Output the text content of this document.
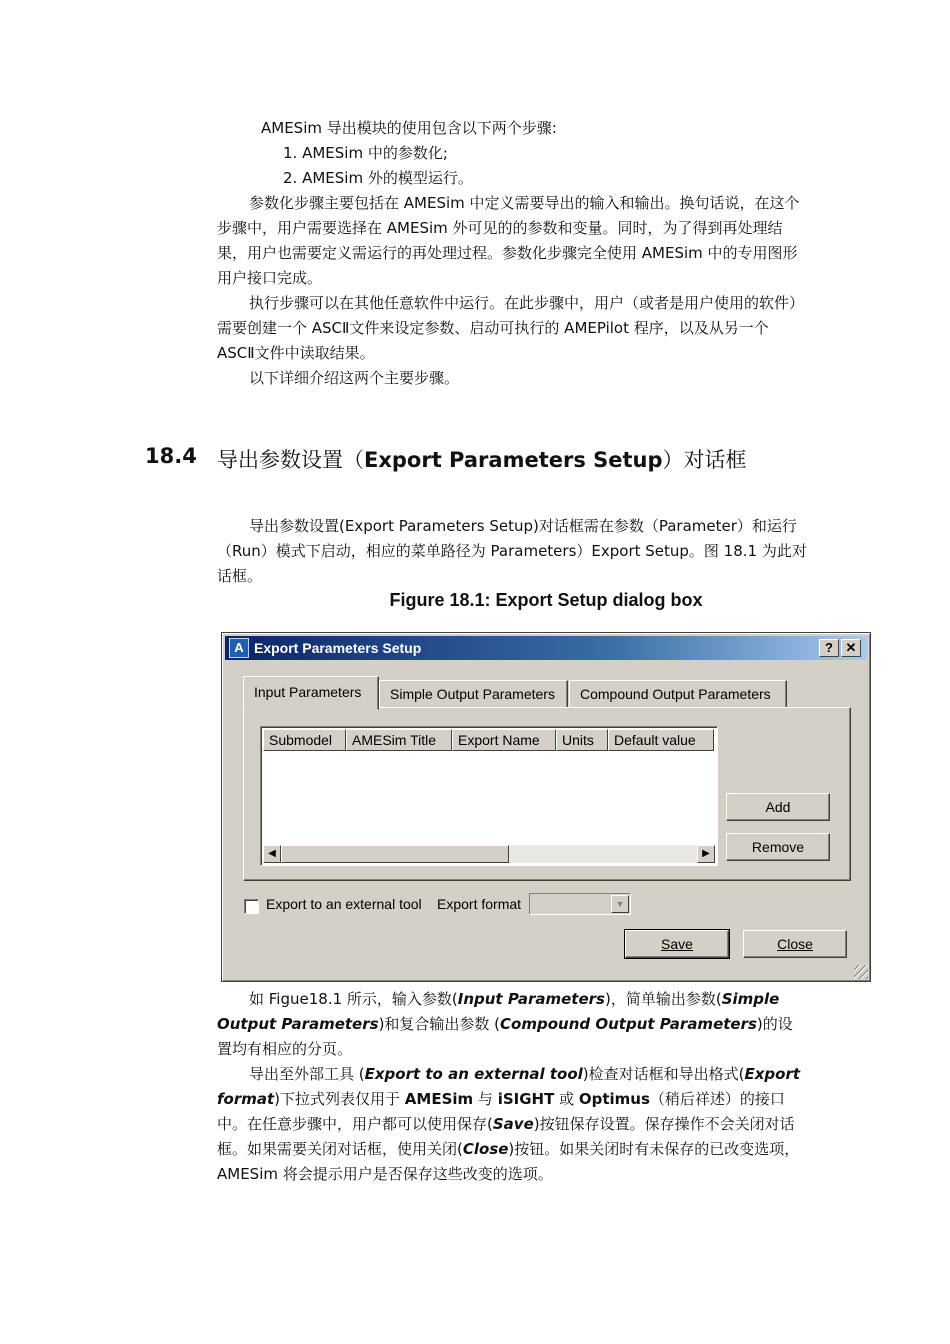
AMESim 导出模块的使用包含以下两个步骤:

1. AMESim 中的参数化;

2. AMESim 外的模型运行。

参数化步骤主要包括在 AMESim 中定义需要导出的输入和输出。换句话说，在这个步骤中，用户需要选择在 AMESim 外可见的的参数和变量。同时，为了得到再处理结果，用户也需要定义需运行的再处理过程。参数化步骤完全使用 AMESim 中的专用图形用户接口完成。

执行步骤可以在其他任意软件中运行。在此步骤中，用户（或者是用户使用的软件）需要创建一个 ASCⅡ文件来设定参数、启动可执行的 AMEPilot 程序，以及从另一个 ASCⅡ文件中读取结果。

以下详细介绍这两个主要步骤。

18.4 导出参数设置（Export Parameters Setup）对话框

导出参数设置(Export Parameters Setup)对话框需在参数（Parameter）和运行（Run）模式下启动，相应的菜单路径为 Parameters）Export Setup。图 18.1 为此对话框。

Figure 18.1: Export Setup dialog box
A Export Parameters Setup	? ✕
Input Parameters	Simple Output Parameters	Compound Output Parameters
Submodel	AMESim Title	Export Name	Units	Default value
◀	▶
Add
Remove
Export to an external tool Export format	▼
Save	Close

如 Figue18.1 所示，输入参数(Input Parameters)，简单输出参数(Simple Output Parameters)和复合输出参数 (Compound Output Parameters)的设置均有相应的分页。

导出至外部工具 (Export to an external tool)检查对话框和导出格式(Export format)下拉式列表仅用于 AMESim 与 iSIGHT 或 Optimus（稍后祥述）的接口中。在任意步骤中，用户都可以使用保存(Save)按钮保存设置。保存操作不会关闭对话框。如果需要关闭对话框，使用关闭(Close)按钮。如果关闭时有未保存的已改变选项，AMESim 将会提示用户是否保存这些改变的选项。
